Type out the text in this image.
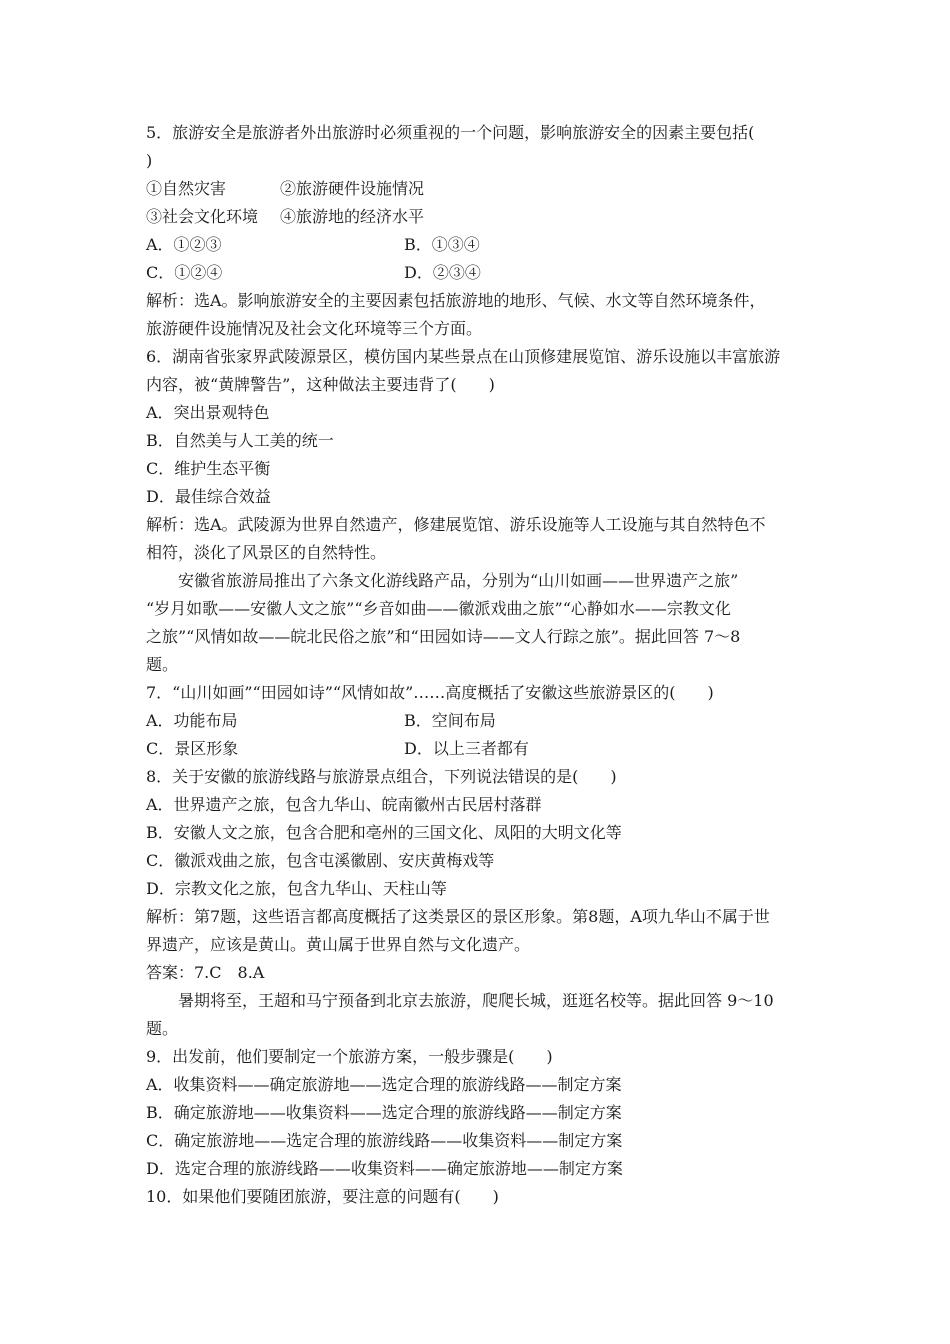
5．旅游安全是旅游者外出旅游时必须重视的一个问题，影响旅游安全的因素主要包括(
)
①自然灾害	②旅游硬件设施情况
③社会文化环境 ④旅游地的经济水平
A．①②③	B．①③④
C．①②④	D．②③④
解析：选A。影响旅游安全的主要因素包括旅游地的地形、气候、水文等自然环境条件，
旅游硬件设施情况及社会文化环境等三个方面。
6．湖南省张家界武陵源景区，模仿国内某些景点在山顶修建展览馆、游乐设施以丰富旅游
内容，被“黄牌警告”，这种做法主要违背了(　　)
A．突出景观特色
B．自然美与人工美的统一
C．维护生态平衡
D．最佳综合效益
解析：选A。武陵源为世界自然遗产，修建展览馆、游乐设施等人工设施与其自然特色不
相符，淡化了风景区的自然特性。
安徽省旅游局推出了六条文化游线路产品，分别为“山川如画——世界遗产之旅”
“岁月如歌——安徽人文之旅”“乡音如曲——徽派戏曲之旅”“心静如水——宗教文化
之旅”“风情如故——皖北民俗之旅”和“田园如诗——文人行踪之旅”。据此回答 7～8
题。
7．“山川如画”“田园如诗”“风情如故”……高度概括了安徽这些旅游景区的(　　)
A．功能布局	B．空间布局
C．景区形象	D．以上三者都有
8．关于安徽的旅游线路与旅游景点组合，下列说法错误的是(　　)
A．世界遗产之旅，包含九华山、皖南徽州古民居村落群
B．安徽人文之旅，包含合肥和亳州的三国文化、凤阳的大明文化等
C．徽派戏曲之旅，包含屯溪徽剧、安庆黄梅戏等
D．宗教文化之旅，包含九华山、天柱山等
解析：第7题，这些语言都高度概括了这类景区的景区形象。第8题，A项九华山不属于世
界遗产，应该是黄山。黄山属于世界自然与文化遗产。
答案：7.C　8.A
暑期将至，王超和马宁预备到北京去旅游，爬爬长城，逛逛名校等。据此回答 9～10
题。
9．出发前，他们要制定一个旅游方案，一般步骤是(　　)
A．收集资料——确定旅游地——选定合理的旅游线路——制定方案
B．确定旅游地——收集资料——选定合理的旅游线路——制定方案
C．确定旅游地——选定合理的旅游线路——收集资料——制定方案
D．选定合理的旅游线路——收集资料——确定旅游地——制定方案
10．如果他们要随团旅游，要注意的问题有(　　)
